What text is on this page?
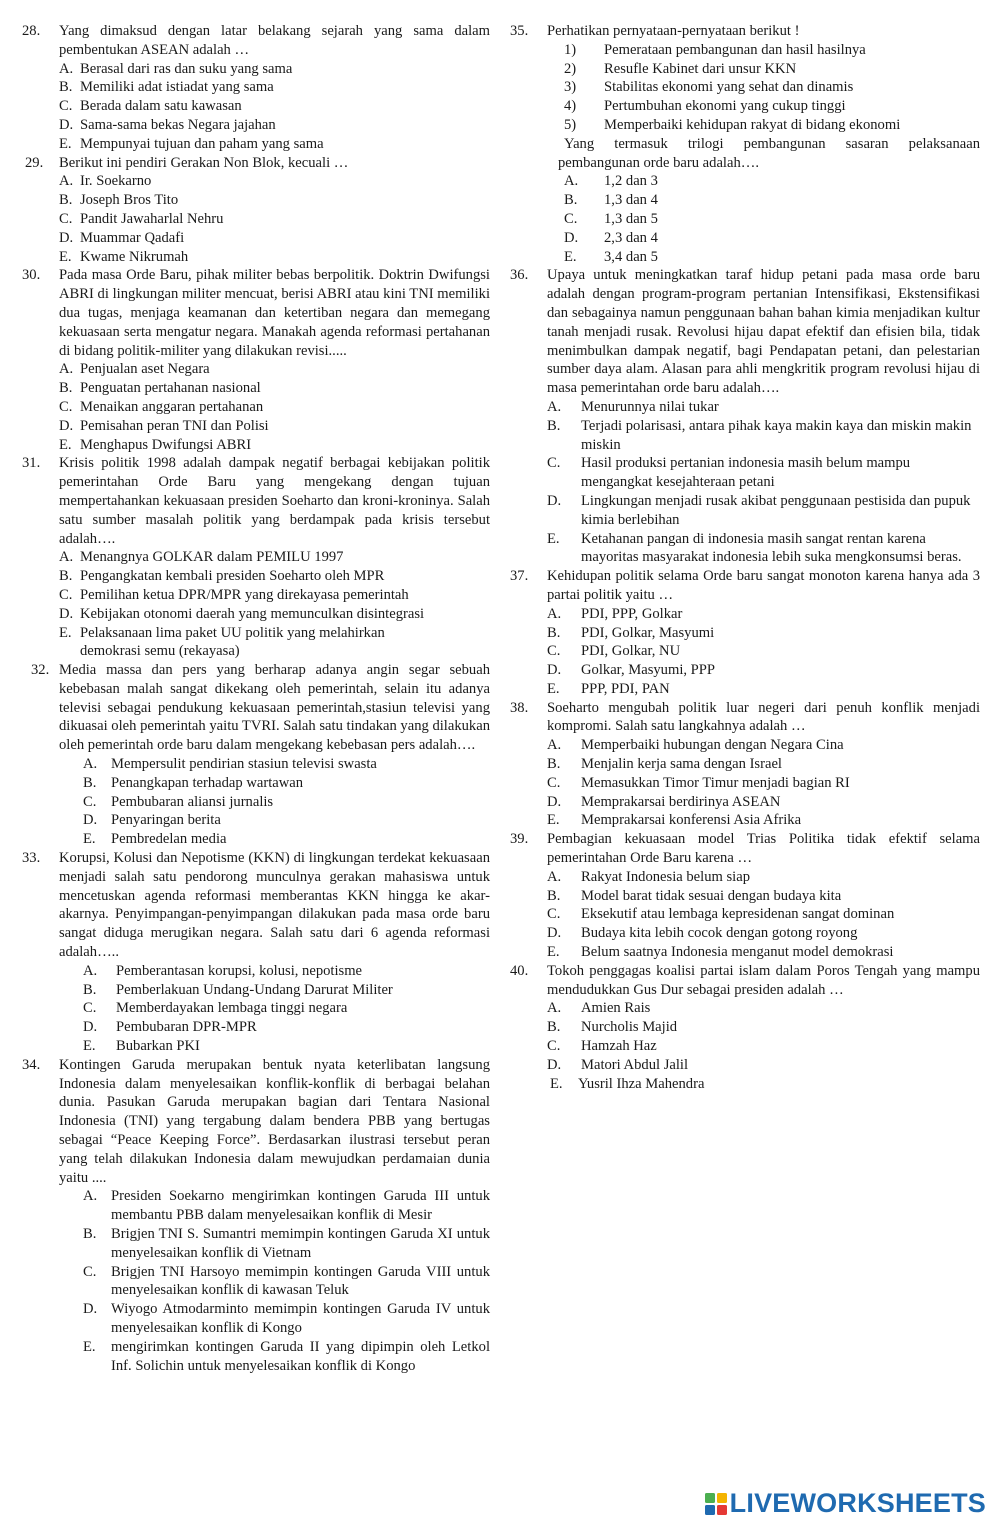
28. Yang dimaksud dengan latar belakang sejarah yang sama dalam pembentukan ASEAN adalah …
A. Berasal dari ras dan suku yang sama
B. Memiliki adat istiadat yang sama
C. Berada dalam satu kawasan
D. Sama-sama bekas Negara jajahan
E. Mempunyai tujuan dan paham yang sama
29. Berikut ini pendiri Gerakan Non Blok, kecuali …
A. Ir. Soekarno
B. Joseph Bros Tito
C. Pandit Jawaharlal Nehru
D. Muammar Qadafi
E. Kwame Nikrumah
30. Pada masa Orde Baru, pihak militer bebas berpolitik. Doktrin Dwifungsi ABRI di lingkungan militer mencuat, berisi ABRI atau kini TNI memiliki dua tugas, menjaga keamanan dan ketertiban negara dan memegang kekuasaan serta mengatur negara. Manakah agenda reformasi pertahanan di bidang politik-militer yang dilakukan revisi.....
A. Penjualan aset Negara
B. Penguatan pertahanan nasional
C. Menaikan anggaran pertahanan
D. Pemisahan peran TNI dan Polisi
E. Menghapus Dwifungsi ABRI
31. Krisis politik 1998 adalah dampak negatif berbagai kebijakan politik pemerintahan Orde Baru yang mengekang dengan tujuan mempertahankan kekuasaan presiden Soeharto dan kroni-kroninya. Salah satu sumber masalah politik yang berdampak pada krisis tersebut adalah….
A. Menangnya GOLKAR dalam PEMILU 1997
B. Pengangkatan kembali presiden Soeharto oleh MPR
C. Pemilihan ketua DPR/MPR yang direkayasa pemerintah
D. Kebijakan otonomi daerah yang memunculkan disintegrasi
E. Pelaksanaan lima paket UU politik yang melahirkan demokrasi semu (rekayasa)
32. Media massa dan pers yang berharap adanya angin segar sebuah kebebasan malah sangat dikekang oleh pemerintah, selain itu adanya televisi sebagai pendukung kekuasaan pemerintah,stasiun televisi yang dikuasai oleh pemerintah yaitu TVRI. Salah satu tindakan yang dilakukan oleh pemerintah orde baru dalam mengekang kebebasan pers adalah….
A. Mempersulit pendirian stasiun televisi swasta
B. Penangkapan terhadap wartawan
C. Pembubaran aliansi jurnalis
D. Penyaringan berita
E. Pembredelan media
33. Korupsi, Kolusi dan Nepotisme (KKN) di lingkungan terdekat kekuasaan menjadi salah satu pendorong munculnya gerakan mahasiswa untuk mencetuskan agenda reformasi memberantas KKN hingga ke akar-akarnya. Penyimpangan-penyimpangan dilakukan pada masa orde baru sangat diduga merugikan negara. Salah satu dari 6 agenda reformasi adalah…..
A. Pemberantasan korupsi, kolusi, nepotisme
B. Pemberlakuan Undang-Undang Darurat Militer
C. Memberdayakan lembaga tinggi negara
D. Pembubaran DPR-MPR
E. Bubarkan PKI
34. Kontingen Garuda merupakan bentuk nyata keterlibatan langsung Indonesia dalam menyelesaikan konflik-konflik di berbagai belahan dunia. Pasukan Garuda merupakan bagian dari Tentara Nasional Indonesia (TNI) yang tergabung dalam bendera PBB yang bertugas sebagai “Peace Keeping Force”. Berdasarkan ilustrasi tersebut peran yang telah dilakukan Indonesia dalam mewujudkan perdamaian dunia yaitu ....
A. Presiden Soekarno mengirimkan kontingen Garuda III untuk membantu PBB dalam menyelesaikan konflik di Mesir
B. Brigjen TNI S. Sumantri memimpin kontingen Garuda XI untuk menyelesaikan konflik di Vietnam
C. Brigjen TNI Harsoyo memimpin kontingen Garuda VIII untuk menyelesaikan konflik di kawasan Teluk
D. Wiyogo Atmodarminto memimpin kontingen Garuda IV untuk menyelesaikan konflik di Kongo
E. mengirimkan kontingen Garuda II yang dipimpin oleh Letkol Inf. Solichin untuk menyelesaikan konflik di Kongo
35. Perhatikan pernyataan-pernyataan berikut !
1) Pemerataan pembangunan dan hasil hasilnya
2) Resufle Kabinet dari unsur KKN
3) Stabilitas ekonomi yang sehat dan dinamis
4) Pertumbuhan ekonomi yang cukup tinggi
5) Memperbaiki kehidupan rakyat di bidang ekonomi
Yang termasuk trilogi pembangunan sasaran pelaksanaan pembangunan orde baru adalah….
A. 1,2 dan 3
B. 1,3 dan 4
C. 1,3 dan 5
D. 2,3 dan 4
E. 3,4 dan 5
36. Upaya untuk meningkatkan taraf hidup petani pada masa orde baru adalah dengan program-program pertanian Intensifikasi, Ekstensifikasi dan sebagainya namun penggunaan bahan bahan kimia menjadikan kultur tanah menjadi rusak. Revolusi hijau dapat efektif dan efisien bila, tidak menimbulkan dampak negatif, bagi Pendapatan petani, dan pelestarian sumber daya alam. Alasan para ahli mengkritik program revolusi hijau di masa pemerintahan orde baru adalah….
A. Menurunnya nilai tukar
B. Terjadi polarisasi, antara pihak kaya makin kaya dan miskin makin miskin
C. Hasil produksi pertanian indonesia masih belum mampu mengangkat kesejahteraan petani
D. Lingkungan menjadi rusak akibat penggunaan pestisida dan pupuk kimia berlebihan
E. Ketahanan pangan di indonesia masih sangat rentan karena mayoritas masyarakat indonesia lebih suka mengkonsumsi beras.
37. Kehidupan politik selama Orde baru sangat monoton karena hanya ada 3 partai politik yaitu …
A. PDI, PPP, Golkar
B. PDI, Golkar, Masyumi
C. PDI, Golkar, NU
D. Golkar, Masyumi, PPP
E. PPP, PDI, PAN
38. Soeharto mengubah politik luar negeri dari penuh konflik menjadi kompromi. Salah satu langkahnya adalah …
A. Memperbaiki hubungan dengan Negara Cina
B. Menjalin kerja sama dengan Israel
C. Memasukkan Timor Timur menjadi bagian RI
D. Memprakarsai berdirinya ASEAN
E. Memprakarsai konferensi Asia Afrika
39. Pembagian kekuasaan model Trias Politika tidak efektif selama pemerintahan Orde Baru karena …
A. Rakyat Indonesia belum siap
B. Model barat tidak sesuai dengan budaya kita
C. Eksekutif atau lembaga kepresidenan sangat dominan
D. Budaya kita lebih cocok dengan gotong royong
E. Belum saatnya Indonesia menganut model demokrasi
40. Tokoh penggagas koalisi partai islam dalam Poros Tengah yang mampu mendudukkan Gus Dur sebagai presiden adalah …
A. Amien Rais
B. Nurcholis Majid
C. Hamzah Haz
D. Matori Abdul Jalil
E. Yusril Ihza Mahendra
LIVEWORKSHEETS
